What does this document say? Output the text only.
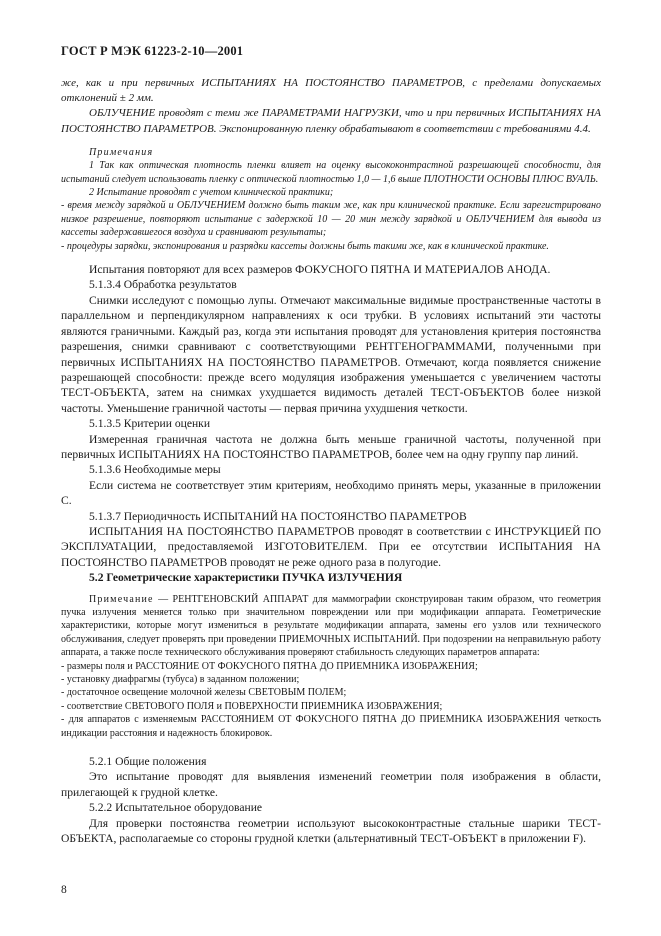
ГОСТ Р МЭК 61223-2-10—2001

же, как и при первичных ИСПЫТАНИЯХ НА ПОСТОЯНСТВО ПАРАМЕТРОВ, с пределами допускаемых отклонений ± 2 мм.

ОБЛУЧЕНИЕ проводят с теми же ПАРАМЕТРАМИ НАГРУЗКИ, что и при первичных ИСПЫТАНИЯХ НА ПОСТОЯНСТВО ПАРАМЕТРОВ. Экспонированную пленку обрабатывают в соответствии с требованиями 4.4.

Примечания

1 Так как оптическая плотность пленки влияет на оценку высококонтрастной разрешающей способности, для испытаний следует использовать пленку с оптической плотностью 1,0 — 1,6 выше ПЛОТНОСТИ ОСНОВЫ ПЛЮС ВУАЛЬ.

2 Испытание проводят с учетом клинической практики;

- время между зарядкой и ОБЛУЧЕНИЕМ должно быть таким же, как при клинической практике. Если зарегистрировано низкое разрешение, повторяют испытание с задержкой 10 — 20 мин между зарядкой и ОБЛУЧЕНИЕМ для вывода из кассеты задержавшегося воздуха и сравнивают результаты;

- процедуры зарядки, экспонирования и разрядки кассеты должны быть такими же, как в клинической практике.

Испытания повторяют для всех размеров ФОКУСНОГО ПЯТНА И МАТЕРИАЛОВ АНОДА.

5.1.3.4 Обработка результатов

Снимки исследуют с помощью лупы. Отмечают максимальные видимые пространственные частоты в параллельном и перпендикулярном направлениях к оси трубки. В условиях испытаний эти частоты являются граничными. Каждый раз, когда эти испытания проводят для установления критерия постоянства разрешения, снимки сравнивают с соответствующими РЕНТГЕНОГРАММАМИ, полученными при первичных ИСПЫТАНИЯХ НА ПОСТОЯНСТВО ПАРАМЕТРОВ. Отмечают, когда появляется снижение разрешающей способности: прежде всего модуляция изображения уменьшается с увеличением частоты ТЕСТ-ОБЪЕКТА, затем на снимках ухудшается видимость деталей ТЕСТ-ОБЪЕКТОВ более низкой частоты. Уменьшение граничной частоты — первая причина ухудшения четкости.

5.1.3.5 Критерии оценки

Измеренная граничная частота не должна быть меньше граничной частоты, полученной при первичных ИСПЫТАНИЯХ НА ПОСТОЯНСТВО ПАРАМЕТРОВ, более чем на одну группу пар линий.

5.1.3.6 Необходимые меры

Если система не соответствует этим критериям, необходимо принять меры, указанные в приложении С.

5.1.3.7 Периодичность ИСПЫТАНИЙ НА ПОСТОЯНСТВО ПАРАМЕТРОВ

ИСПЫТАНИЯ НА ПОСТОЯНСТВО ПАРАМЕТРОВ проводят в соответствии с ИНСТРУКЦИЕЙ ПО ЭКСПЛУАТАЦИИ, предоставляемой ИЗГОТОВИТЕЛЕМ. При ее отсутствии ИСПЫТАНИЯ НА ПОСТОЯНСТВО ПАРАМЕТРОВ проводят не реже одного раза в полугодие.

5.2 Геометрические характеристики ПУЧКА ИЗЛУЧЕНИЯ

Примечание — РЕНТГЕНОВСКИЙ АППАРАТ для маммографии сконструирован таким образом, что геометрия пучка излучения меняется только при значительном повреждении или при модификации аппарата. Геометрические характеристики, которые могут измениться в результате модификации аппарата, замены его узлов или технического обслуживания, следует проверять при проведении ПРИЕМОЧНЫХ ИСПЫТАНИЙ. При подозрении на неправильную работу аппарата, а также после технического обслуживания проверяют стабильность следующих параметров аппарата:

- размеры поля и РАССТОЯНИЕ ОТ ФОКУСНОГО ПЯТНА ДО ПРИЕМНИКА ИЗОБРАЖЕНИЯ;

- установку диафрагмы (тубуса) в заданном положении;

- достаточное освещение молочной железы СВЕТОВЫМ ПОЛЕМ;

- соответствие СВЕТОВОГО ПОЛЯ и ПОВЕРХНОСТИ ПРИЕМНИКА ИЗОБРАЖЕНИЯ;

- для аппаратов с изменяемым РАССТОЯНИЕМ ОТ ФОКУСНОГО ПЯТНА ДО ПРИЕМНИКА ИЗОБРАЖЕНИЯ четкость индикации расстояния и надежность блокировок.

5.2.1 Общие положения

Это испытание проводят для выявления изменений геометрии поля изображения в области, прилегающей к грудной клетке.

5.2.2 Испытательное оборудование

Для проверки постоянства геометрии используют высококонтрастные стальные шарики ТЕСТ-ОБЪЕКТА, располагаемые со стороны грудной клетки (альтернативный ТЕСТ-ОБЪЕКТ в приложении F).

8
